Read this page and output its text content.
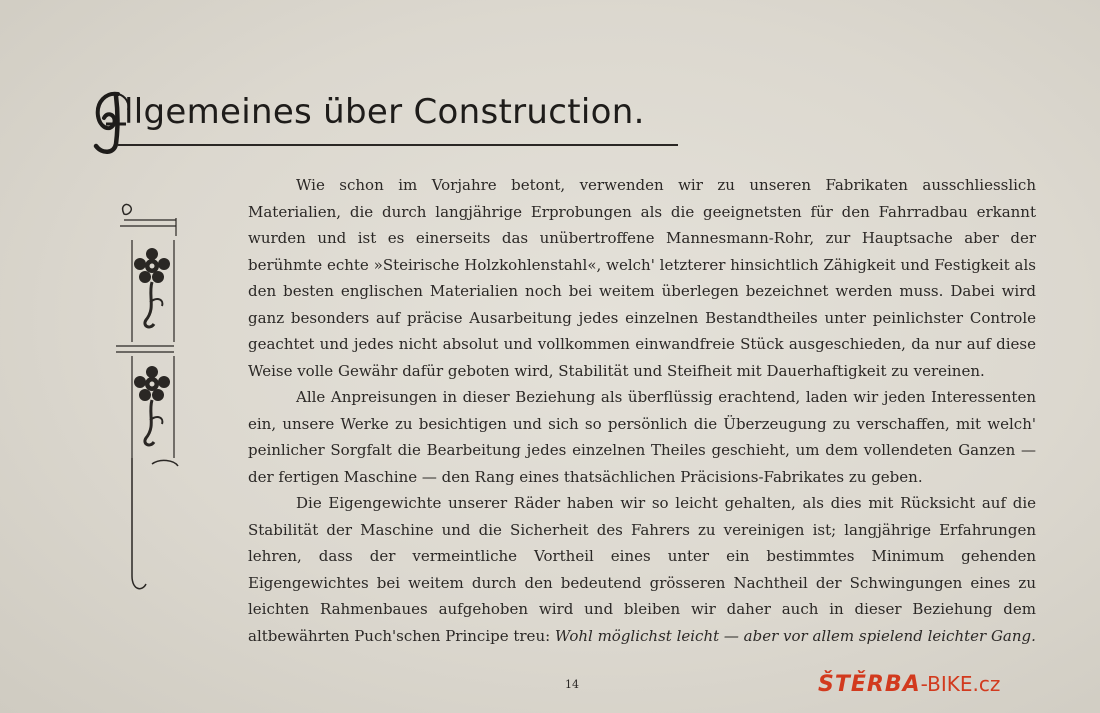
llgemeines über Construction.

Wie schon im Vorjahre betont, verwenden wir zu unseren Fabrikaten ausschliesslich Materialien, die durch langjährige Erprobungen als die geeignetsten für den Fahrradbau erkannt wurden und ist es einerseits das unübertroffene Mannesmann-Rohr, zur Hauptsache aber der berühmte echte »Steirische Holzkohlenstahl«, welch' letzterer hinsichtlich Zähigkeit und Festigkeit als den besten englischen Materialien noch bei weitem überlegen bezeichnet werden muss. Dabei wird ganz besonders auf präcise Ausarbeitung jedes einzelnen Bestandtheiles unter peinlichster Controle geachtet und jedes nicht absolut und vollkommen einwandfreie Stück ausgeschieden, da nur auf diese Weise volle Gewähr dafür geboten wird, Stabilität und Steifheit mit Dauerhaftigkeit zu vereinen.

Alle Anpreisungen in dieser Beziehung als überflüssig erachtend, laden wir jeden Interessenten ein, unsere Werke zu besichtigen und sich so persönlich die Überzeugung zu verschaffen, mit welch' peinlicher Sorgfalt die Bearbeitung jedes einzelnen Theiles geschieht, um dem vollendeten Ganzen — der fertigen Maschine — den Rang eines thatsächlichen Präcisions-Fabrikates zu geben.

Die Eigengewichte unserer Räder haben wir so leicht gehalten, als dies mit Rücksicht auf die Stabilität der Maschine und die Sicherheit des Fahrers zu vereinigen ist; langjährige Erfahrungen lehren, dass der vermeintliche Vortheil eines unter ein bestimmtes Minimum gehenden Eigengewichtes bei weitem durch den bedeutend grösseren Nachtheil der Schwingungen eines zu leichten Rahmenbaues aufgehoben wird und bleiben wir daher auch in dieser Beziehung dem altbewährten Puch'schen Principe treu: Wohl möglichst leicht — aber vor allem spielend leichter Gang.

14	ŠTĚRBA-BIKE.cz
